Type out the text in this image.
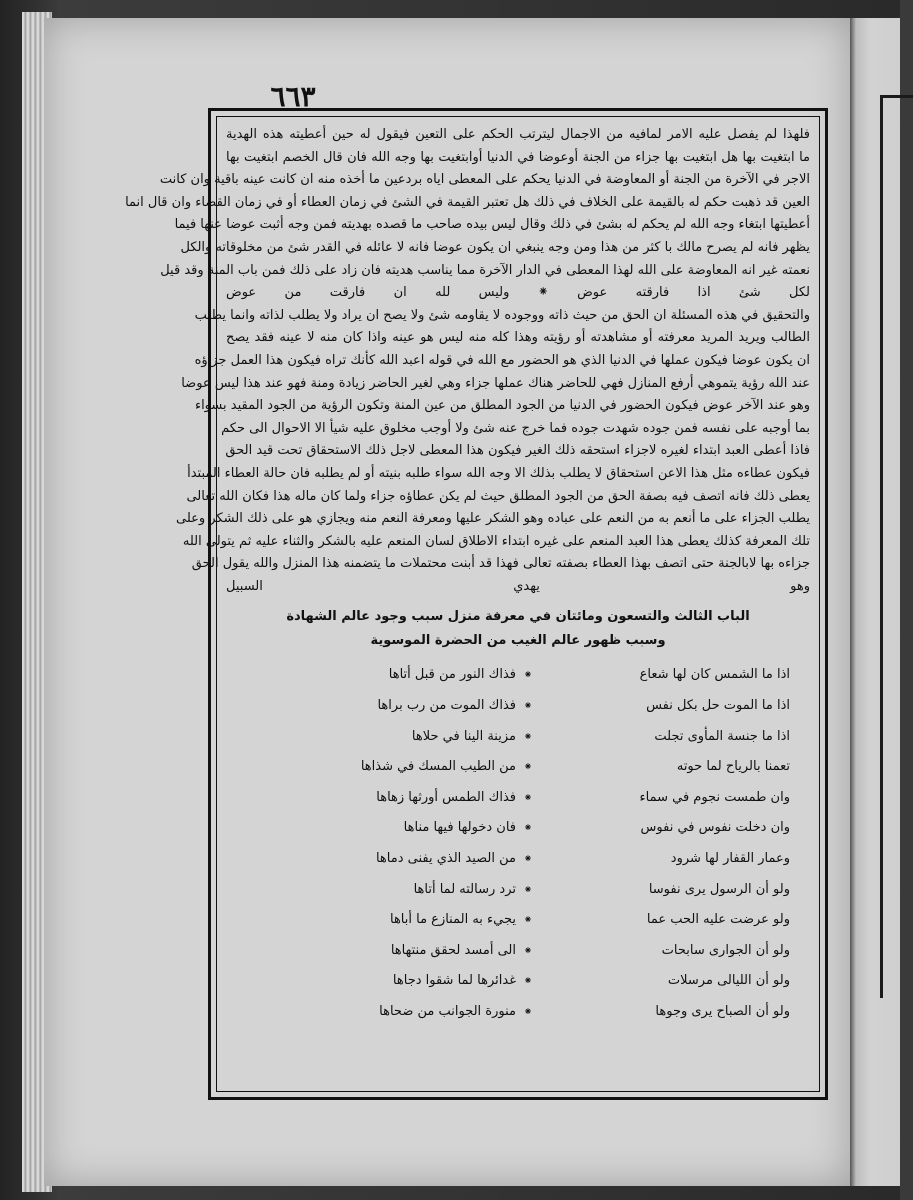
٦٦٣
فلهذا لم يفصل عليه الامر لمافيه من الاجمال ليترتب الحكم على التعين فيقول له حين أعطيته هذه الهدية
ما ابتغيت بها هل ابتغيت بها جزاء من الجنة أوعوضا في الدنيا أوابتغيت بها وجه الله فان قال الخصم ابتغيت بها
الاجر في الآخرة من الجنة أو المعاوضة في الدنيا يحكم على المعطى اياه بردعين ما أخذه منه ان كانت عينه باقية وان كانت
العين قد ذهبت حكم له بالقيمة على الخلاف في ذلك هل تعتبر القيمة في الشئ في زمان العطاء أو في زمان القضاء وان قال انما
أعطيتها ابتغاء وجه الله لم يحكم له بشئ في ذلك وقال ليس بيده صاحب ما قصده بهديته فمن وجه أثبت عوضا عنها فيما
يظهر فانه لم يصرح مالك با كثر من هذا ومن وجه ينبغي ان يكون عوضا فانه لا عائله في القدر شئ من مخلوقاته والكل
نعمته غير انه المعاوضة على الله لهذا المعطى في الدار الآخرة مما يناسب هديته فان زاد على ذلك فمن باب المنة وقد قيل
لكل شئ اذا فارقته عوض ⁕ وليس لله ان فارقت من عوض
والتحقيق في هذه المسئلة ان الحق من حيث ذاته ووجوده لا يقاومه شئ ولا يصح ان يراد ولا يطلب لذاته وانما يطلب
الطالب ويريد المريد معرفته أو مشاهدته أو رؤيته وهذا كله منه ليس هو عينه واذا كان منه لا عينه فقد يصح
ان يكون عوضا فيكون عملها في الدنيا الذي هو الحضور مع الله في قوله اعبد الله كأنك تراه فيكون هذا العمل جزاؤه
عند الله رؤية يتموهي أرفع المنازل فهي للحاضر هناك عملها جزاء وهي لغير الحاضر زيادة ومنة فهو عند هذا ليس عوضا
وهو عند الآخر عوض فيكون الحضور في الدنيا من الجود المطلق من عين المنة وتكون الرؤية من الجود المقيد بسواء
بما أوجبه على نفسه فمن جوده شهدت جوده فما خرج عنه شئ ولا أوجب مخلوق عليه شيأ الا الاحوال الى حكم
فاذا أعطى العبد ابتداء لغيره لاجزاء استحقه ذلك الغير فيكون هذا المعطى لاجل ذلك الاستحقاق تحت قيد الحق
فيكون عطاءه مثل هذا الاعن استحقاق لا يطلب بذلك الا وجه الله سواء طلبه بنيته أو لم يطلبه فان حالة العطاء المبتدأ
يعطى ذلك فانه اتصف فيه بصفة الحق من الجود المطلق حيث لم يكن عطاؤه جزاء ولما كان ماله هذا فكان الله تعالى
يطلب الجزاء على ما أنعم به من النعم على عباده وهو الشكر عليها ومعرفة النعم منه ويجازي هو على ذلك الشكر وعلى
تلك المعرفة كذلك يعطى هذا العبد المنعم على غيره ابتداء الاطلاق لسان المنعم عليه بالشكر والثناء عليه ثم يتولى الله
جزاءه بها لابالجنة حتى اتصف بهذا العطاء بصفته تعالى فهذا قد أبنت محتملات ما يتضمنه هذا المنزل والله يقول الحق
وهو يهدي السبيل
الباب الثالث والتسعون ومائتان في معرفة منزل سبب وجود عالم الشهادة
وسبب ظهور عالم الغيب من الحضرة الموسوية
اذا ما الشمس كان لها شعاع
⁕
فذاك النور من قبل أتاها
اذا ما الموت حل بكل نفس
⁕
فذاك الموت من رب براها
اذا ما جنسة المأوى تجلت
⁕
مزينة الينا في حلاها
تعمنا بالرياح لما حوته
⁕
من الطيب المسك في شذاها
وان طمست نجوم في سماء
⁕
فذاك الطمس أورثها زهاها
وان دخلت نفوس في نفوس
⁕
فان دخولها فيها مناها
وعمار القفار لها شرود
⁕
من الصيد الذي يفنى دماها
ولو أن الرسول يرى نفوسا
⁕
ترد رسالته لما أتاها
ولو عرضت عليه الحب عما
⁕
يجيء به المنازع ما أباها
ولو أن الجوارى سابحات
⁕
الى أمسد لحقق منتهاها
ولو أن الليالى مرسلات
⁕
غدائرها لما شقوا دجاها
ولو أن الصباح يرى وجوها
⁕
منورة الجوانب من ضحاها
